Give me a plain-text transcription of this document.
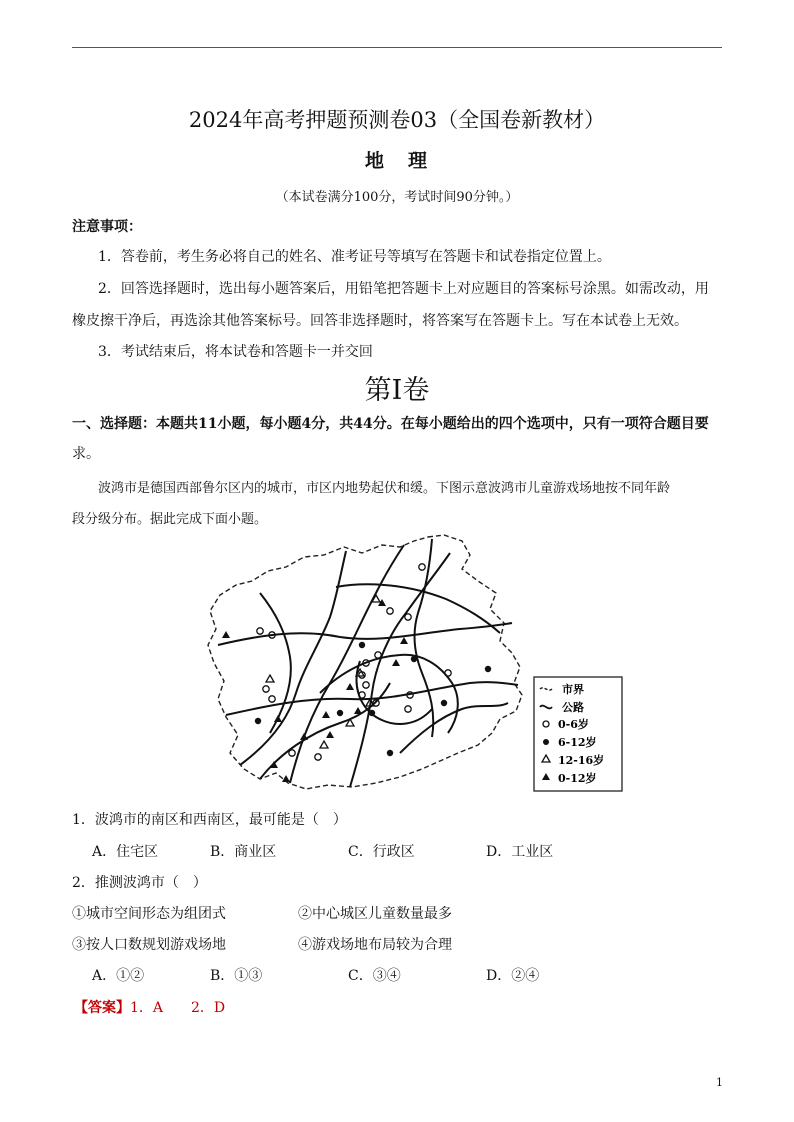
2024年高考押题预测卷03（全国卷新教材）
地 理
（本试卷满分100分，考试时间90分钟。）
注意事项：
1．答卷前，考生务必将自己的姓名、准考证号等填写在答题卡和试卷指定位置上。
2．回答选择题时，选出每小题答案后，用铅笔把答题卡上对应题目的答案标号涂黑。如需改动，用
橡皮擦干净后，再选涂其他答案标号。回答非选择题时，将答案写在答题卡上。写在本试卷上无效。
3．考试结束后，将本试卷和答题卡一并交回
第Ⅰ卷
一、选择题：本题共11小题，每小题4分，共44分。在每小题给出的四个选项中，只有一项符合题目要
求。
波鸿市是德国西部鲁尔区内的城市，市区内地势起伏和缓。下图示意波鸿市儿童游戏场地按不同年龄
段分级分布。据此完成下面小题。
市界
公路
0-6岁
6-12岁
12-16岁
0-12岁
1．波鸿市的南区和西南区，最可能是（　）
A．住宅区	B．商业区	C．行政区	D．工业区
2．推测波鸿市（　）
①城市空间形态为组团式	②中心城区儿童数量最多
③按人口数规划游戏场地	④游戏场地布局较为合理
A．①②	B．①③	C．③④	D．②④
【答案】1．A　　2．D
1
